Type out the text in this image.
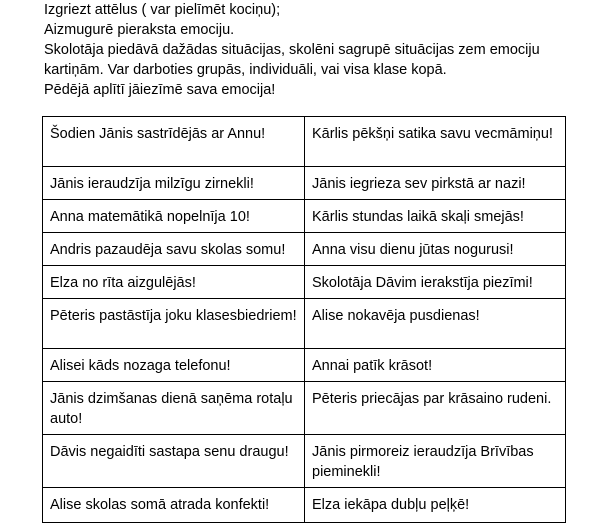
Izgriezt attēlus ( var pielīmēt kociņu);

Aizmugurē pieraksta emociju.

Skolotāja piedāvā dažādas situācijas, skolēni sagrupē situācijas zem emociju

kartiņām. Var darboties grupās, individuāli, vai visa klase kopā.

Pēdējā aplītī jāiezīmē sava emocija!

Šodien Jānis sastrīdējās ar Annu!	Kārlis pēkšņi satika savu vecmāmiņu!
Jānis ieraudzīja milzīgu zirnekli!	Jānis iegrieza sev pirkstā ar nazi!
Anna matemātikā nopelnīja 10!	Kārlis stundas laikā skaļi smejās!
Andris pazaudēja savu skolas somu!	Anna visu dienu jūtas nogurusi!
Elza no rīta aizgulējās!	Skolotāja Dāvim ierakstīja piezīmi!
Pēteris pastāstīja joku klasesbiedriem!	Alise nokavēja pusdienas!
Alisei kāds nozaga telefonu!	Annai patīk krāsot!
Jānis dzimšanas dienā saņēma rotaļu auto!	Pēteris priecājas par krāsaino rudeni.
Dāvis negaidīti sastapa senu draugu!	Jānis pirmoreiz ieraudzīja Brīvības pieminekli!
Alise skolas somā atrada konfekti!	Elza iekāpa dubļu peļķē!
